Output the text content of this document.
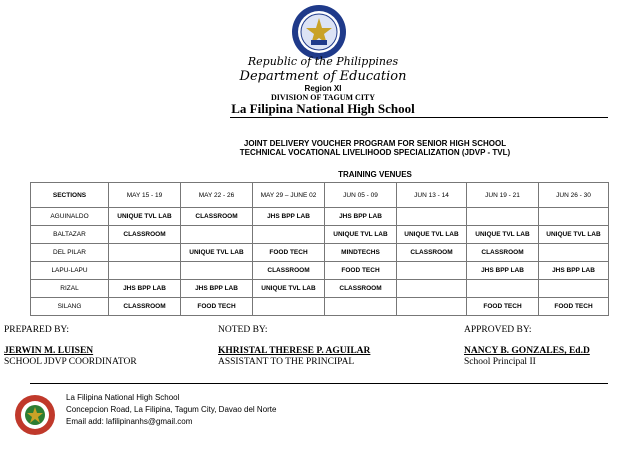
Republic of the Philippines
Department of Education
Region XI
DIVISION OF TAGUM CITY
La Filipina National High School
JOINT DELIVERY VOUCHER PROGRAM FOR SENIOR HIGH SCHOOL
TECHNICAL VOCATIONAL LIVELIHOOD SPECIALIZATION (JDVP - TVL)
TRAINING VENUES
SECTIONS	MAY 15 - 19	MAY 22 - 26	MAY 29 – JUNE 02	JUN 05 - 09	JUN 13 - 14	JUN 19 - 21	JUN 26 - 30
AGUINALDO	UNIQUE TVL LAB	CLASSROOM	JHS BPP LAB	JHS BPP LAB			
BALTAZAR	CLASSROOM			UNIQUE TVL LAB	UNIQUE TVL LAB	UNIQUE TVL LAB	UNIQUE TVL LAB
DEL PILAR		UNIQUE TVL LAB	FOOD TECH	MINDTECHS	CLASSROOM	CLASSROOM	
LAPU-LAPU			CLASSROOM	FOOD TECH		JHS BPP LAB	JHS BPP LAB
RIZAL	JHS BPP LAB	JHS BPP LAB	UNIQUE TVL LAB	CLASSROOM			
SILANG	CLASSROOM	FOOD TECH				FOOD TECH	FOOD TECH
PREPARED BY:
JERWIN M. LUISEN
SCHOOL JDVP COORDINATOR
NOTED BY:
KHRISTAL THERESE P. AGUILAR
ASSISTANT TO THE PRINCIPAL
APPROVED BY:
NANCY B. GONZALES, Ed.D
School Principal II
La Filipina National High School
Concepcion Road, La Filipina, Tagum City, Davao del Norte
Email add: lafilipinanhs@gmail.com
